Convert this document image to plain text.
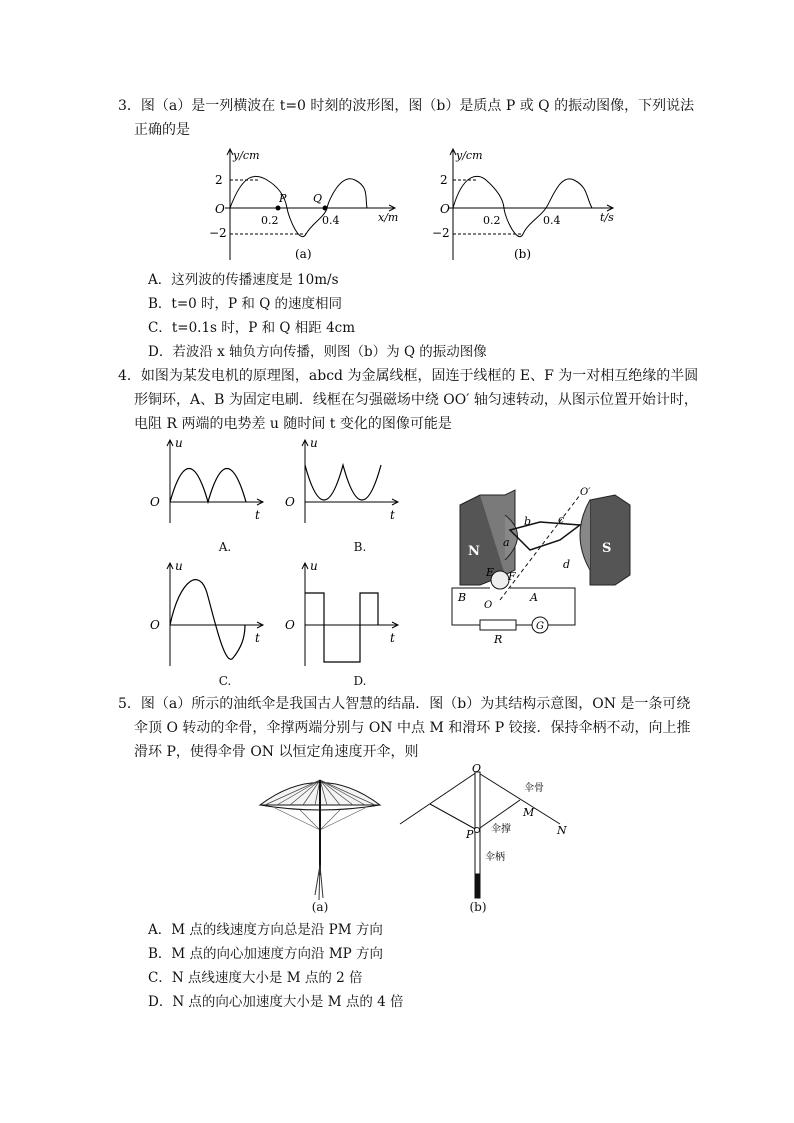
3．图（a）是一列横波在 t=0 时刻的波形图，图（b）是质点 P 或 Q 的振动图像，下列说法
正确的是
y/cm
2
−2
O
0.2	0.4	x/m
P Q
(a)
y/cm
2
−2
O
0.2	0.4	t/s
(b)
A．这列波的传播速度是 10m/s
B．t=0 时，P 和 Q 的速度相同
C．t=0.1s 时，P 和 Q 相距 4cm
D．若波沿 x 轴负方向传播，则图（b）为 Q 的振动图像
4．如图为某发电机的原理图，abcd 为金属线框，固连于线框的 E、F 为一对相互绝缘的半圆
形铜环，A、B 为固定电刷．线框在匀强磁场中绕 OO′ 轴匀速转动，从图示位置开始计时，
电阻 R 两端的电势差 u 随时间 t 变化的图像可能是
u
O
t
A.
u
O
t
B.
u
O
t
C.
u
O
t
D.
N	S
b c
a
d
O′
E F
O
B	A
R
G
5．图（a）所示的油纸伞是我国古人智慧的结晶．图（b）为其结构示意图，ON 是一条可绕
伞顶 O 转动的伞骨，伞撑两端分别与 ON 中点 M 和滑环 P 铰接．保持伞柄不动，向上推
滑环 P，使得伞骨 ON 以恒定角速度开伞，则
(a)
O
P
M
N
伞骨
伞撑
伞柄
(b)
A．M 点的线速度方向总是沿 PM 方向
B．M 点的向心加速度方向沿 MP 方向
C．N 点线速度大小是 M 点的 2 倍
D．N 点的向心加速度大小是 M 点的 4 倍
